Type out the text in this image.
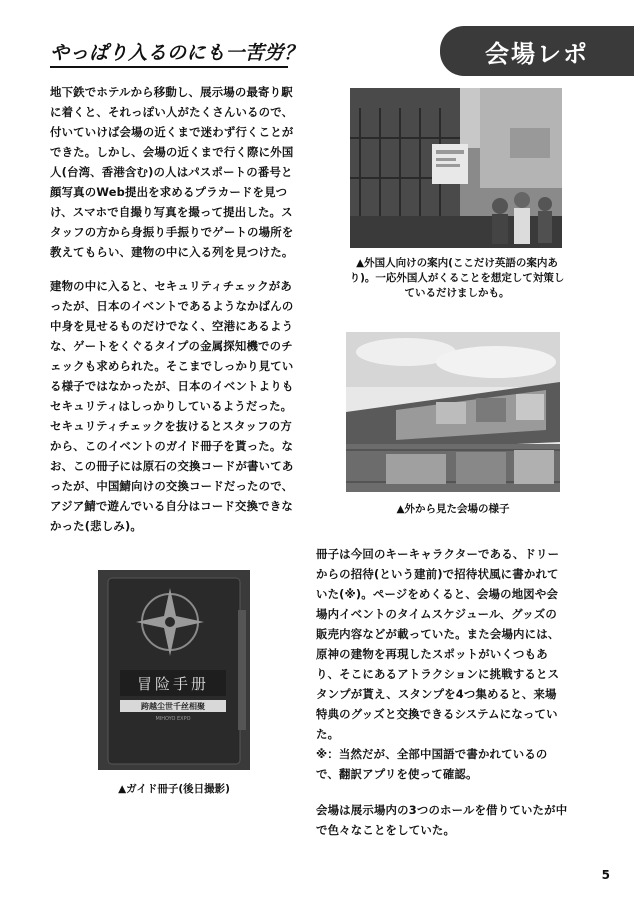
会場レポ
やっぱり入るのにも一苦労？

地下鉄でホテルから移動し、展示場の最寄り駅に着くと、それっぽい人がたくさんいるので、付いていけば会場の近くまで迷わず行くことができた。しかし、会場の近くまで行く際に外国人(台湾、香港含む)の人はパスポートの番号と顔写真のWeb提出を求めるプラカードを見つけ、スマホで自撮り写真を撮って提出した。スタッフの方から身振り手振りでゲートの場所を教えてもらい、建物の中に入る列を見つけた。

建物の中に入ると、セキュリティチェックがあったが、日本のイベントであるようなかばんの中身を見せるものだけでなく、空港にあるような、ゲートをくぐるタイプの金属探知機でのチェックも求められた。そこまでしっかり見ている様子ではなかったが、日本のイベントよりもセキュリティはしっかりしているようだった。セキュリティチェックを抜けるとスタッフの方から、このイベントのガイド冊子を貰った。なお、この冊子には原石の交換コードが書いてあったが、中国鯖向けの交換コードだったので、アジア鯖で遊んでいる自分はコード交換できなかった(悲しみ)。

▲外国人向けの案内(ここだけ英語の案内あり)。一応外国人がくることを想定して対策しているだけましかも。
▲外から見た会場の様子
冒险手册
跨越尘世千丝相聚
MIHOYO EXPO
▲ガイド冊子(後日撮影)

冊子は今回のキーキャラクターである、ドリーからの招待(という建前)で招待状風に書かれていた(※)。ページをめくると、会場の地図や会場内イベントのタイムスケジュール、グッズの販売内容などが載っていた。また会場内には、原神の建物を再現したスポットがいくつもあり、そこにあるアトラクションに挑戦するとスタンプが貰え、スタンプを4つ集めると、来場特典のグッズと交換できるシステムになっていた。

※：当然だが、全部中国語で書かれているので、翻訳アプリを使って確認。

会場は展示場内の3つのホールを借りていたが中で色々なことをしていた。

5
